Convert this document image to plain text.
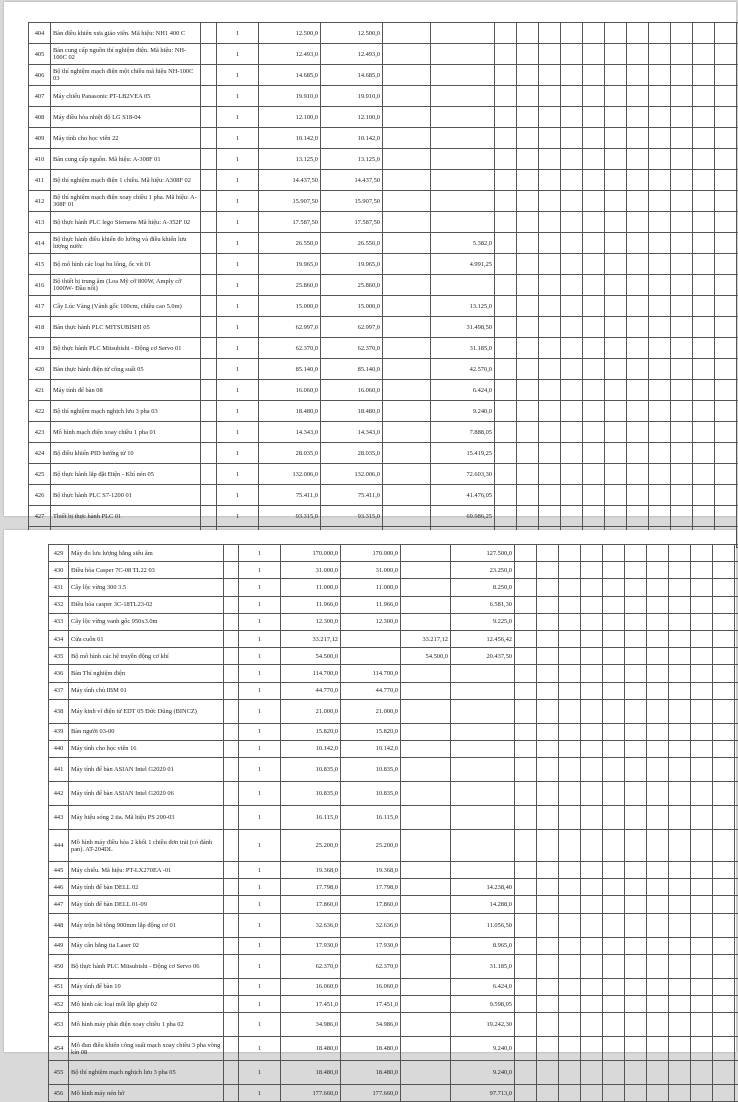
404	Bàn điều khiển xưa giáo viên. Mã hiệu: NH1 400 C		1	12.500,0	12.500,0															
405	Bàn cung cấp nguồn thí nghiệm điện. Mã hiệu: NH-100C 02		1	12.493,0	12.493,0															
406	Bộ thí nghiệm mạch điện một chiều mã hiệu NH-100C 03		1	14.685,0	14.685,0															
407	Máy chiếu Panasonic PT-LB2VEA 05		1	19.910,0	19.910,0															
408	Máy điều hòa nhiệt độ LG S18-04		1	12.100,0	12.100,0															
409	Máy tính cho học viên 22		1	10.142,0	10.142,0															
410	Bàn cung cấp nguồn. Mã hiệu: A-308F 01		1	13.125,0	13.125,0															
411	Bộ thí nghiệm mạch điện 1 chiều. Mã hiệu: A308F 02		1	14.437,50	14.437,50															
412	Bộ thí nghiệm mạch điện xoay chiều 1 pha. Mã hiệu: A-308F 01		1	15.907,50	15.907,50															
413	Bộ thực hành PLC lego Siemens Mã hiệu: A-352F 02		1	17.587,50	17.587,50															
414	Bộ thực hành điều khiển đo lường và điều khiển lưu lượng nước		1	26.550,0	26.550,0		5.382,0													
415	Bộ mô hình các loại bu lông, ốc vít 01		1	19.965,0	19.965,0		4.991,25													
416	Bộ thiết bị trung âm (Loa Mỹ cỡ 800W, Amply cỡ 1000W- Đầu nối)		1	25.860,0	25.860,0															
417	Cây Lúc Vàng (Vành gốc 100cm, chiều cao 5.0m)		1	15.000,0	15.000,0		13.125,0													
418	Bàn thực hành PLC MITSUBISHI 05		1	62.997,0	62.997,0		31.498,50													
419	Bộ thực hành PLC Mitsubishi - Động cơ Servo 01		1	62.370,0	62.370,0		31.185,0													
420	Bàn thực hành điện tử công suất 05		1	85.140,0	85.140,0		42.570,0													
421	Máy tính để bàn 08		1	16.060,0	16.060,0		6.424,0													
422	Bộ thí nghiệm mạch nghịch lưu 3 pha 03		1	18.480,0	18.480,0		9.240,0													
423	Mô hình mạch điện xoay chiều 1 pha 01		1	14.343,0	14.343,0		7.888,05													
424	Bộ điều khiển PID hướng tử 10		1	28.035,0	28.035,0		15.419,25													
425	Bộ thực hành lắp đặt Điện - Khí nén 05		1	132.006,0	132.006,0		72.603,30													
426	Bộ thực hành PLC S7-1200 01		1	75.411,0	75.411,0		41.476,05													
427	Thiết bị thực hành PLC 01		1	93.315,0	93.315,0		69.986,25													

429	Máy đo lưu lượng bằng siêu âm		1	170.000,0	170.000,0		127.500,0												
430	Điều hòa Casper 7C-08 TL22 03		1	31.000,0	31.000,0		23.250,0												
431	Cây lộc vừng 300 3.5		1	11.000,0	11.000,0		8.250,0												
432	Điều hòa casper 3C-18TL23-02		1	11.966,0	11.966,0		6.581,30												
433	Cây lộc vừng vanh gốc 950x3.0m		1	12.300,0	12.300,0		9.225,0												
434	Cửa cuốn 01		1	33.217,12		33.217,12	12.456,42												
435	Bộ mô hình các hệ truyền động cơ khí		1	54.500,0		54.500,0	20.437,50												
436	Bàn Thí nghiệm điện		1	114.700,0	114.700,0														
437	Máy tính chủ IBM 01		1	44.770,0	44.770,0														
438	Máy kinh vĩ điện tử EDT 05 Đức Dũng (BINCZ)		1	21.000,0	21.000,0														
439	Bàn người 03-00		1	15.820,0	15.820,0														
440	Máy tính cho học viên 16		1	10.142,0	10.142,0														
441	Máy tính để bàn ASIAN Intel G2020 01		1	10.835,0	10.835,0														
442	Máy tính để bàn ASIAN Intel G2020 06		1	10.835,0	10.835,0														
443	Máy hiệu sóng 2 tia. Mã hiệu PS 200-03		1	16.115,0	16.115,0														
444	Mô hình máy điều hòa 2 khối 1 chiều đơn trải (có đánh pan). AT-204DL		1	25.200,0	25.200,0														
445	Máy chiếu. Mã hiệu: PT-LX270EA -01		1	19.368,0	19.368,0														
446	Máy tính để bàn DELL 02		1	17.798,0	17.798,0		14.238,40												
447	Máy tính để bàn DELL 01-09		1	17.860,0	17.860,0		14.288,0												
448	Máy trộn bê tông 900mm lắp động cơ 01		1	32.636,0	32.636,0		11.056,50												
449	Máy cân bằng tia Laser 02		1	17.930,0	17.930,0		8.965,0												
450	Bộ thực hành PLC Mitsubishi - Động cơ Servo 06		1	62.370,0	62.370,0		31.185,0												
451	Máy tính để bàn 10		1	16.060,0	16.060,0		6.424,0												
452	Mô hình các loại mối lắp ghép 02		1	17.451,0	17.451,0		9.598,05												
453	Mô hình máy phát điện xoay chiều 1 pha 02		1	34.986,0	34.986,0		19.242,30												
454	Mô đun điều khiển công suất mạch xoay chiều 3 pha vòng kín 08		1	18.480,0	18.480,0		9.240,0												
455	Bộ thí nghiệm mạch nghịch lưu 3 pha 05		1	18.480,0	18.480,0		9.240,0												
456	Mô hình máy nén hở		1	177.660,0	177.660,0		97.713,0												
